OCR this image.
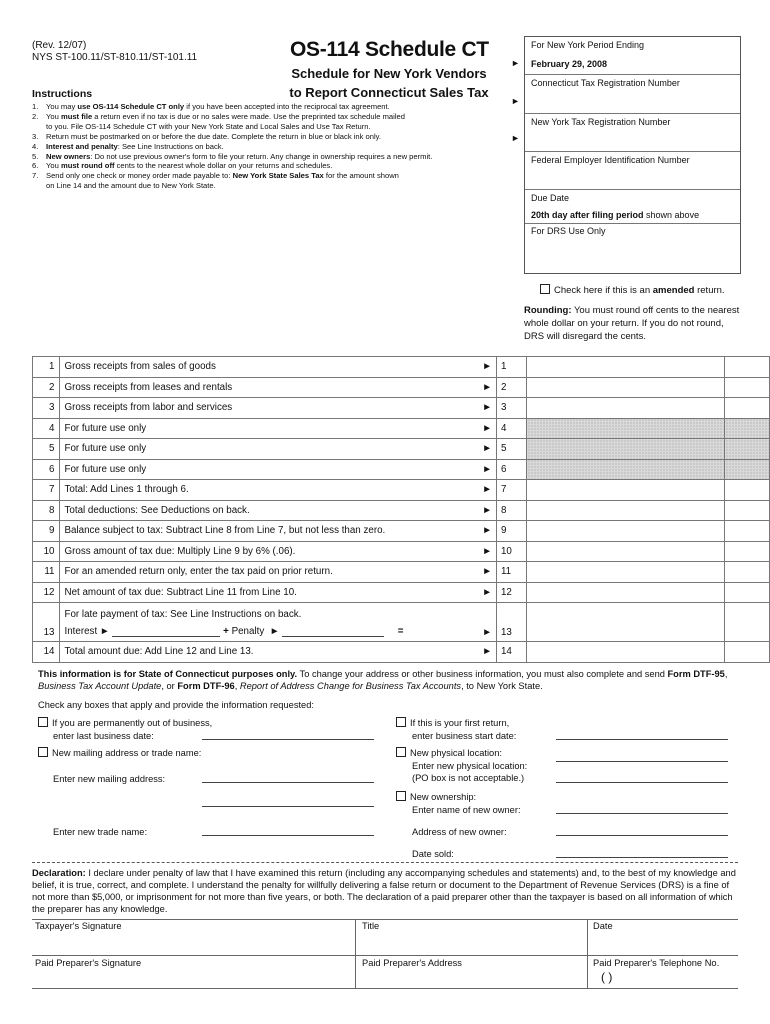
(Rev. 12/07)
NYS ST-100.11/ST-810.11/ST-101.11	OS-114 Schedule CT
Schedule for New York Vendors
to Report Connecticut Sales Tax
►
►
►
Instructions
1.	You may use OS-114 Schedule CT only if you have been accepted into the reciprocal tax agreement.
2.	You must file a return even if no tax is due or no sales were made. Use the preprinted tax schedule mailed
to you. File OS-114 Schedule CT with your New York State and Local Sales and Use Tax Return.
3.	Return must be postmarked on or before the due date. Complete the return in blue or black ink only.
4.	Interest and penalty: See Line Instructions on back.
5.	New owners: Do not use previous owner's form to file your return. Any change in ownership requires a new permit.
6.	You must round off cents to the nearest whole dollar on your returns and schedules.
7.	Send only one check or money order made payable to: New York State Sales Tax for the amount shown
on Line 14 and the amount due to New York State.
For New York Period Ending
February 29, 2008
Connecticut Tax Registration Number
New York Tax Registration Number
Federal Employer Identification Number
Due Date
20th day after filing period shown above
For DRS Use Only
Check here if this is an amended return.
Rounding: You must round off cents to the nearest whole dollar on your return. If you do not round, DRS will disregard the cents.
1	Gross receipts from sales of goods	►	1		
2	Gross receipts from leases and rentals	►	2		
3	Gross receipts from labor and services	►	3		
4	For future use only	►	4		
5	For future use only	►	5		
6	For future use only	►	6		
7	Total: Add Lines 1 through 6.	►	7		
8	Total deductions: See Deductions on back.	►	8		
9	Balance subject to tax: Subtract Line 8 from Line 7, but not less than zero.	►	9		
10	Gross amount of tax due: Multiply Line 9 by 6% (.06).	►	10		
11	For an amended return only, enter the tax paid on prior return.	►	11		
12	Net amount of tax due: Subtract Line 11 from Line 10.	►	12		
13	For late payment of tax: See Line Instructions on back.
Interest ► + Penalty ► =	►	13		
14	Total amount due: Add Line 12 and Line 13.	►	14		
This information is for State of Connecticut purposes only. To change your address or other business information, you must also complete and send Form DTF-95, Business Tax Account Update, or Form DTF-96, Report of Address Change for Business Tax Accounts, to New York State.
Check any boxes that apply and provide the information requested:
If you are permanently out of business,
enter last business date:
New mailing address or trade name:
Enter new mailing address:
Enter new trade name:
If this is your first return,
enter business start date:
New physical location:
Enter new physical location:
(PO box is not acceptable.)
New ownership:
Enter name of new owner:
Address of new owner:
Date sold:
Declaration: I declare under penalty of law that I have examined this return (including any accompanying schedules and statements) and, to the best of my knowledge and belief, it is true, correct, and complete. I understand the penalty for willfully delivering a false return or document to the Department of Revenue Services (DRS) is a fine of not more than $5,000, or imprisonment for not more than five years, or both. The declaration of a paid preparer other than the taxpayer is based on all information of which the preparer has any knowledge.
Taxpayer's Signature	Title	Date
Paid Preparer's Signature	Paid Preparer's Address	Paid Preparer's Telephone No.
( )
